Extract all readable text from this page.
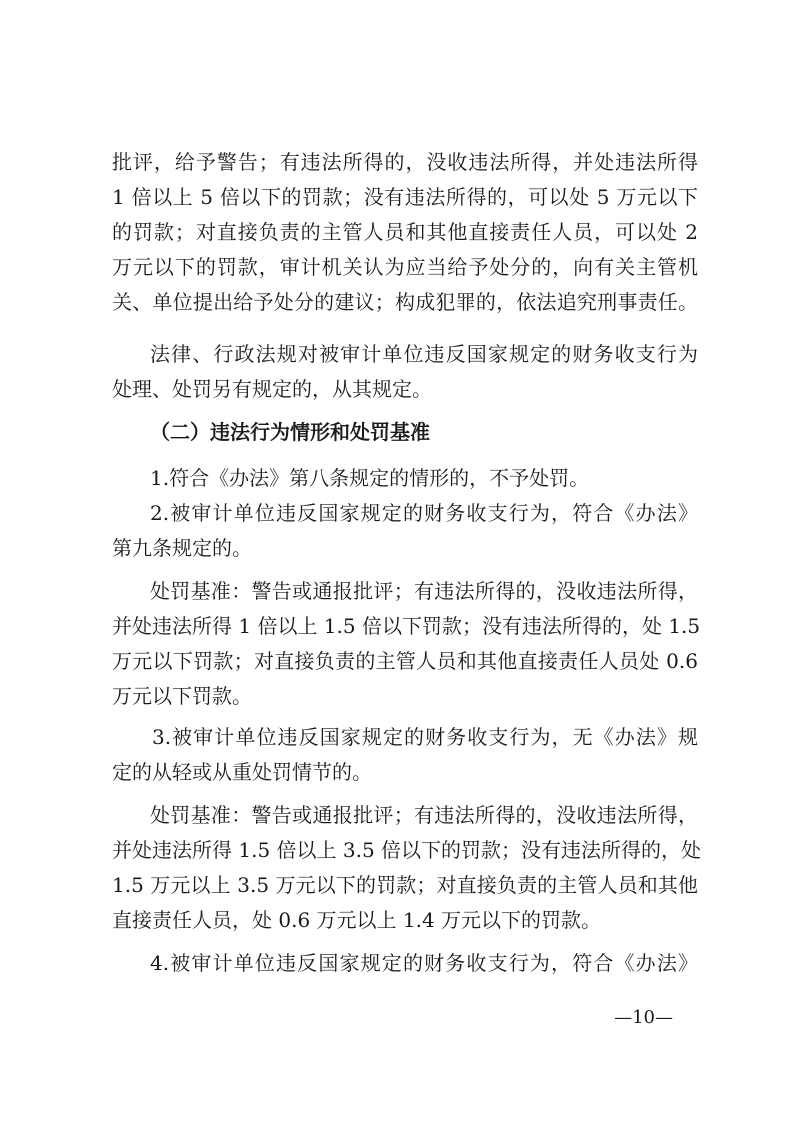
批评，给予警告；有违法所得的，没收违法所得，并处违法所得
1 倍以上 5 倍以下的罚款；没有违法所得的，可以处 5 万元以下
的罚款；对直接负责的主管人员和其他直接责任人员，可以处 2
万元以下的罚款，审计机关认为应当给予处分的，向有关主管机
关、单位提出给予处分的建议；构成犯罪的，依法追究刑事责任。
法律、行政法规对被审计单位违反国家规定的财务收支行为
处理、处罚另有规定的，从其规定。
（二）违法行为情形和处罚基准
1.符合《办法》第八条规定的情形的，不予处罚。
2.被审计单位违反国家规定的财务收支行为，符合《办法》
第九条规定的。
处罚基准：警告或通报批评；有违法所得的，没收违法所得，
并处违法所得 1 倍以上 1.5 倍以下罚款；没有违法所得的，处 1.5
万元以下罚款；对直接负责的主管人员和其他直接责任人员处 0.6
万元以下罚款。
3.被审计单位违反国家规定的财务收支行为，无《办法》规
定的从轻或从重处罚情节的。
处罚基准：警告或通报批评；有违法所得的，没收违法所得，
并处违法所得 1.5 倍以上 3.5 倍以下的罚款；没有违法所得的，处
1.5 万元以上 3.5 万元以下的罚款；对直接负责的主管人员和其他
直接责任人员，处 0.6 万元以上 1.4 万元以下的罚款。
4.被审计单位违反国家规定的财务收支行为，符合《办法》
—10—
